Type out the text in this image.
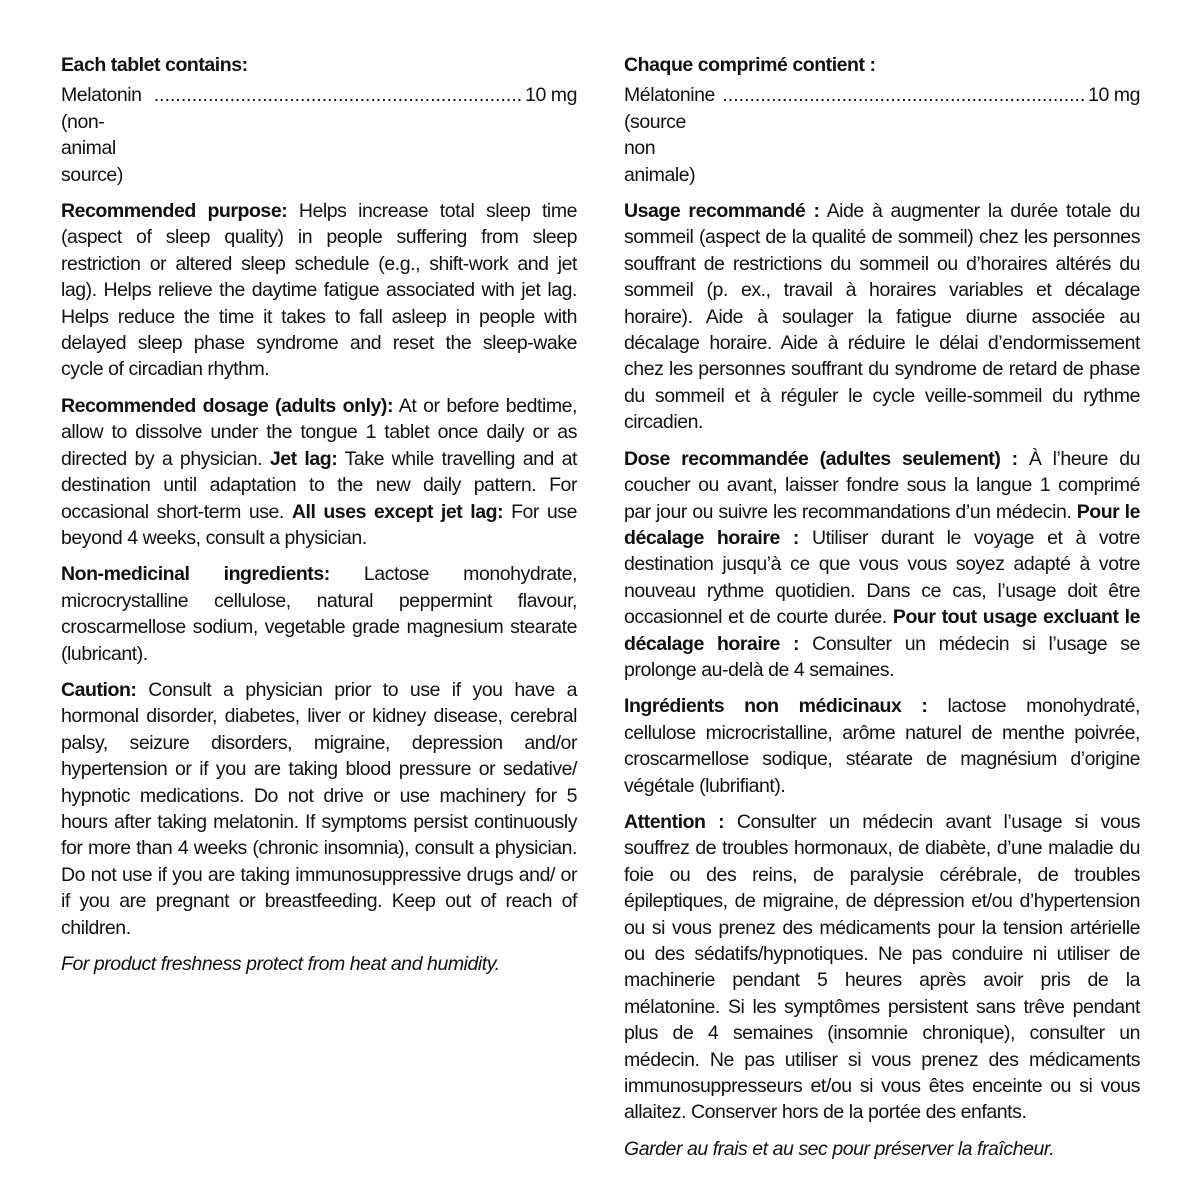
Each tablet contains:

Melatonin (non-animal source)
.....
10 mg

Recommended purpose: Helps increase total sleep time (aspect of sleep quality) in people suffering from sleep restriction or altered sleep schedule (e.g., shift-work and jet lag). Helps relieve the daytime fatigue associated with jet lag. Helps reduce the time it takes to fall asleep in people with delayed sleep phase syndrome and reset the sleep-wake cycle of circadian rhythm.

Recommended dosage (adults only): At or before bedtime, allow to dissolve under the tongue 1 tablet once daily or as directed by a physician. Jet lag: Take while travelling and at destination until adaptation to the new daily pattern. For occasional short-term use. All uses except jet lag: For use beyond 4 weeks, consult a physician.

Non-medicinal ingredients: Lactose monohydrate, microcrystalline cellulose, natural peppermint flavour, croscarmellose sodium, vegetable grade magnesium stearate (lubricant).

Caution: Consult a physician prior to use if you have a hormonal disorder, diabetes, liver or kidney disease, cerebral palsy, seizure disorders, migraine, depression and/or hypertension or if you are taking blood pressure or sedative/ hypnotic medications. Do not drive or use machinery for 5 hours after taking melatonin. If symptoms persist continuously for more than 4 weeks (chronic insomnia), consult a physician. Do not use if you are taking immunosuppressive drugs and/ or if you are pregnant or breastfeeding. Keep out of reach of children.

For product freshness protect from heat and humidity.

Chaque comprimé contient :

Mélatonine (source non animale)
.....
10 mg

Usage recommandé : Aide à augmenter la durée totale du sommeil (aspect de la qualité de sommeil) chez les personnes souffrant de restrictions du sommeil ou d’horaires altérés du sommeil (p. ex., travail à horaires variables et décalage horaire). Aide à soulager la fatigue diurne associée au décalage horaire. Aide à réduire le délai d’endormissement chez les personnes souffrant du syndrome de retard de phase du sommeil et à réguler le cycle veille-sommeil du rythme circadien.

Dose recommandée (adultes seulement) : À l’heure du coucher ou avant, laisser fondre sous la langue 1 comprimé par jour ou suivre les recommandations d’un médecin. Pour le décalage horaire : Utiliser durant le voyage et à votre destination jusqu’à ce que vous vous soyez adapté à votre nouveau rythme quotidien. Dans ce cas, l’usage doit être occasionnel et de courte durée. Pour tout usage excluant le décalage horaire : Consulter un médecin si l’usage se prolonge au-delà de 4 semaines.

Ingrédients non médicinaux : lactose monohydraté, cellulose microcristalline, arôme naturel de menthe poivrée, croscarmellose sodique, stéarate de magnésium d’origine végétale (lubrifiant).

Attention : Consulter un médecin avant l’usage si vous souffrez de troubles hormonaux, de diabète, d’une maladie du foie ou des reins, de paralysie cérébrale, de troubles épileptiques, de migraine, de dépression et/ou d’hypertension ou si vous prenez des médicaments pour la tension artérielle ou des sédatifs/hypnotiques. Ne pas conduire ni utiliser de machinerie pendant 5 heures après avoir pris de la mélatonine. Si les symptômes persistent sans trêve pendant plus de 4 semaines (insomnie chronique), consulter un médecin. Ne pas utiliser si vous prenez des médicaments immunosuppresseurs et/ou si vous êtes enceinte ou si vous allaitez. Conserver hors de la portée des enfants.

Garder au frais et au sec pour préserver la fraîcheur.
